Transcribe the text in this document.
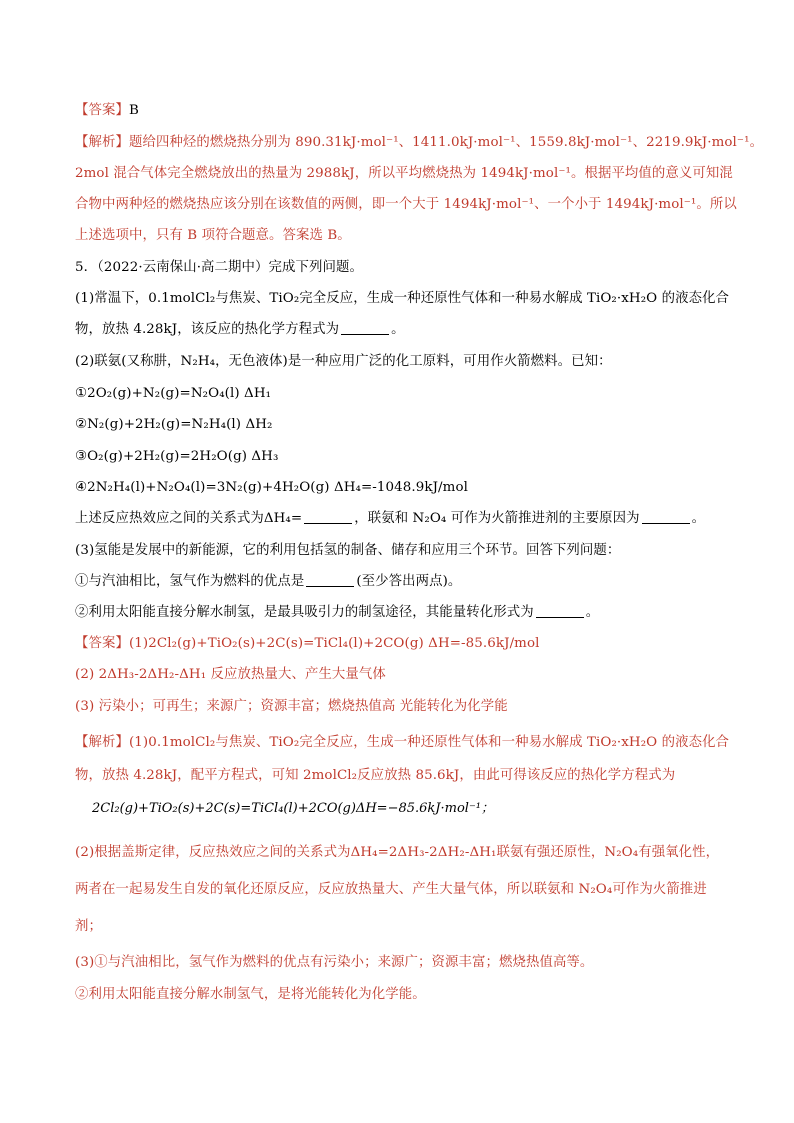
【答案】B
【解析】题给四种烃的燃烧热分别为 890.31kJ·mol⁻¹、1411.0kJ·mol⁻¹、1559.8kJ·mol⁻¹、2219.9kJ·mol⁻¹。
2mol 混合气体完全燃烧放出的热量为 2988kJ，所以平均燃烧热为 1494kJ·mol⁻¹。根据平均值的意义可知混
合物中两种烃的燃烧热应该分别在该数值的两侧，即一个大于 1494kJ·mol⁻¹、一个小于 1494kJ·mol⁻¹。所以
上述选项中，只有 B 项符合题意。答案选 B。
5．（2022·云南保山·高二期中）完成下列问题。
(1)常温下，0.1molCl₂与焦炭、TiO₂完全反应，生成一种还原性气体和一种易水解成 TiO₂·xH₂O 的液态化合
物，放热 4.28kJ，该反应的热化学方程式为	。
(2)联氨(又称肼，N₂H₄，无色液体)是一种应用广泛的化工原料，可用作火箭燃料。已知：
①2O₂(g)+N₂(g)=N₂O₄(l) ΔH₁
②N₂(g)+2H₂(g)=N₂H₄(l) ΔH₂
③O₂(g)+2H₂(g)=2H₂O(g) ΔH₃
④2N₂H₄(l)+N₂O₄(l)=3N₂(g)+4H₂O(g) ΔH₄=-1048.9kJ/mol
上述反应热效应之间的关系式为ΔH₄=	，联氨和 N₂O₄ 可作为火箭推进剂的主要原因为	。
(3)氢能是发展中的新能源，它的利用包括氢的制备、储存和应用三个环节。回答下列问题：
①与汽油相比，氢气作为燃料的优点是	(至少答出两点)。
②利用太阳能直接分解水制氢，是最具吸引力的制氢途径，其能量转化形式为	。
【答案】(1)2Cl₂(g)+TiO₂(s)+2C(s)=TiCl₄(l)+2CO(g) ΔH=-85.6kJ/mol
(2) 2ΔH₃-2ΔH₂-ΔH₁ 反应放热量大、产生大量气体
(3) 污染小；可再生；来源广；资源丰富；燃烧热值高 光能转化为化学能
【解析】(1)0.1molCl₂与焦炭、TiO₂完全反应，生成一种还原性气体和一种易水解成 TiO₂·xH₂O 的液态化合
物，放热 4.28kJ，配平方程式，可知 2molCl₂反应放热 85.6kJ，由此可得该反应的热化学方程式为
2Cl₂(g)+TiO₂(s)+2C(s)=TiCl₄(l)+2CO(g)ΔH=−85.6kJ·mol⁻¹；
(2)根据盖斯定律，反应热效应之间的关系式为ΔH₄=2ΔH₃-2ΔH₂-ΔH₁联氨有强还原性，N₂O₄有强氧化性，
两者在一起易发生自发的氧化还原反应，反应放热量大、产生大量气体，所以联氨和 N₂O₄可作为火箭推进
剂；
(3)①与汽油相比，氢气作为燃料的优点有污染小；来源广；资源丰富；燃烧热值高等。
②利用太阳能直接分解水制氢气，是将光能转化为化学能。
